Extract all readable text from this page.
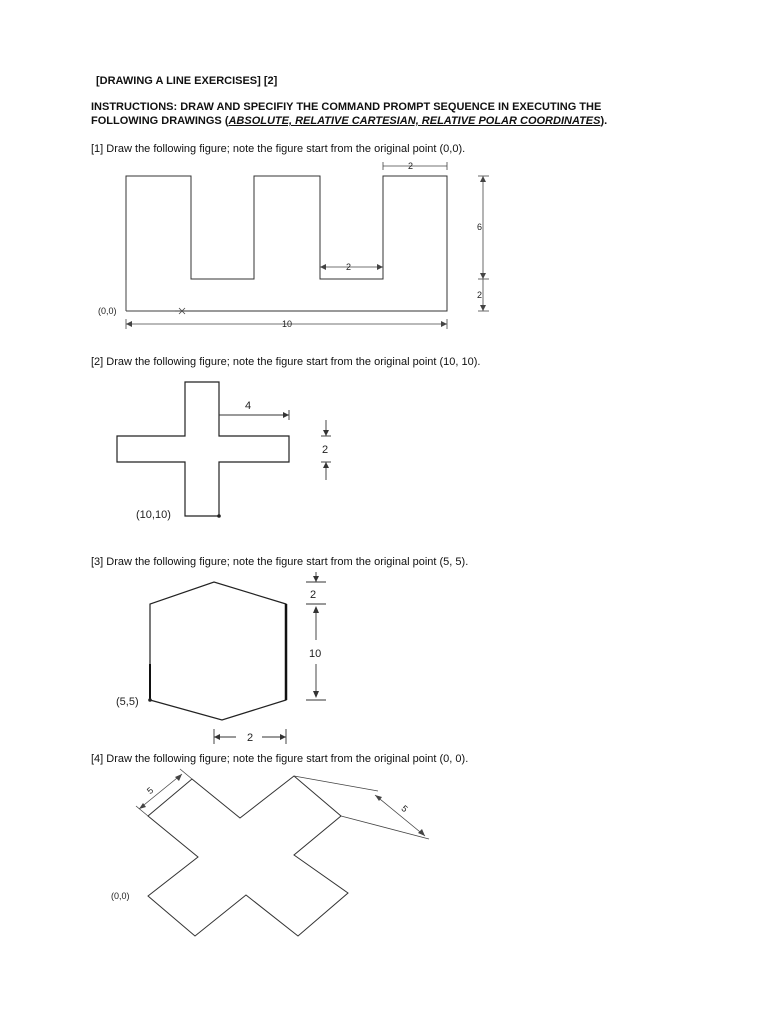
[DRAWING A LINE EXERCISES] [2]
INSTRUCTIONS: DRAW AND SPECIFIY THE COMMAND PROMPT SEQUENCE IN EXECUTING THE
FOLLOWING DRAWINGS (ABSOLUTE, RELATIVE CARTESIAN, RELATIVE POLAR COORDINATES).
[1] Draw the following figure; note the figure start from the original point (0,0).
2
6
2
2
10
(0,0)
[2] Draw the following figure; note the figure start from the original point (10, 10).
4
2
(10,10)
[3] Draw the following figure; note the figure start from the original point (5, 5).
2
10
2
(5,5)
[4] Draw the following figure; note the figure start from the original point (0, 0).
5
5
(0,0)
